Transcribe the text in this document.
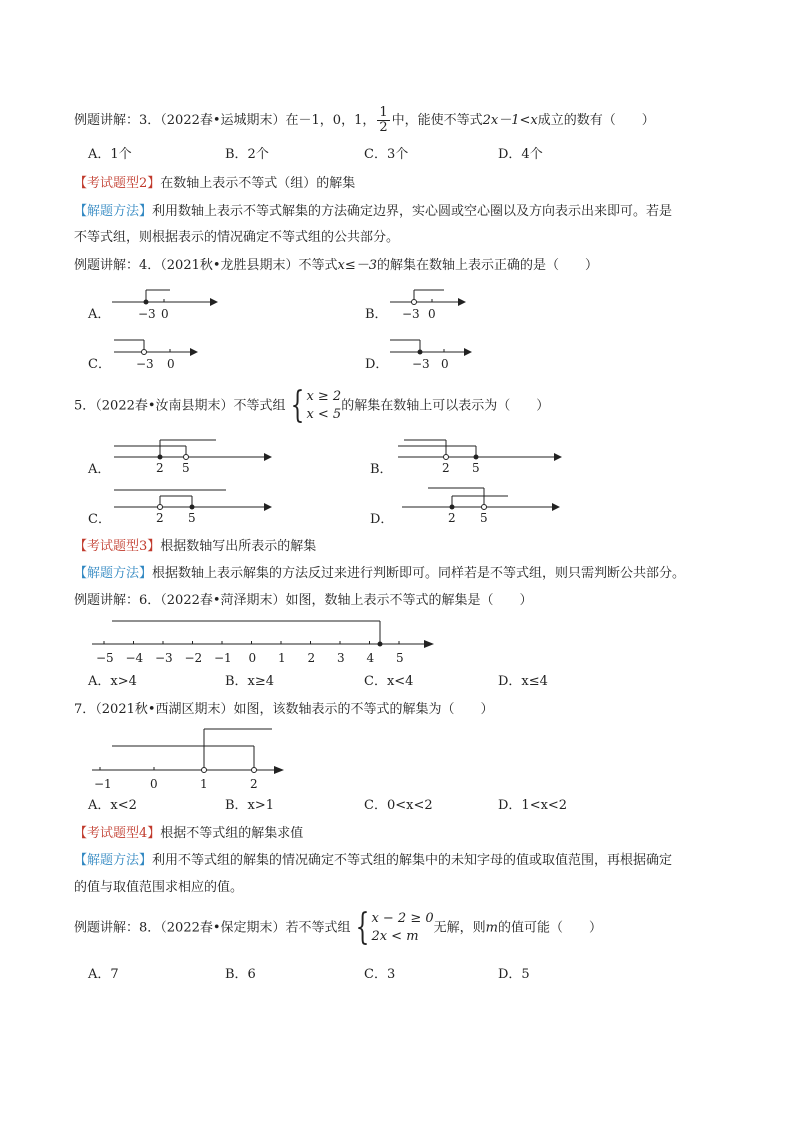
例题讲解：3．（2022春•运城期末）在－1，0，1， $\frac{1}{2}$ 中，能使不等式2x－1<x成立的数有（　　）
A．1个	B．2个	C．3个	D．4个
【考试题型2】在数轴上表示不等式（组）的解集
【解题方法】利用数轴上表示不等式解集的方法确定边界，实心圆或空心圈以及方向表示出来即可。若是
不等式组，则根据表示的情况确定不等式组的公共部分。
例题讲解：4．（2021秋•龙胜县期末）不等式x≤－3的解集在数轴上表示正确的是（　　）
A． −3 0	B． −3 0
C． −3 0	D． −3 0
5．（2022春•汝南县期末）不等式组 { x ≥ 2
x < 5
的解集在数轴上可以表示为（　　）
A．	2 5	B．	2 5
C．	2 5	D．	2 5
【考试题型3】根据数轴写出所表示的解集
【解题方法】根据数轴上表示解集的方法反过来进行判断即可。同样若是不等式组，则只需判断公共部分。
例题讲解：6．（2022春•菏泽期末）如图，数轴上表示不等式的解集是（　　）
−5 −4 −3 −2 −1 0 1 2 3 4 5
A．x>4	B．x≥4	C．x<4	D．x≤4
7．（2021秋•西湖区期末）如图，该数轴表示的不等式的解集为（　　）
−1	0	1	2
A．x<2	B．x>1	C．0<x<2	D．1<x<2
【考试题型4】根据不等式组的解集求值
【解题方法】利用不等式组的解集的情况确定不等式组的解集中的未知字母的值或取值范围，再根据确定
的值与取值范围求相应的值。
例题讲解：8．（2022春•保定期末）若不等式组 { x − 2 ≥ 0
2x < m
无解，则m的值可能（　　）
A．7	B．6	C．3	D．5
